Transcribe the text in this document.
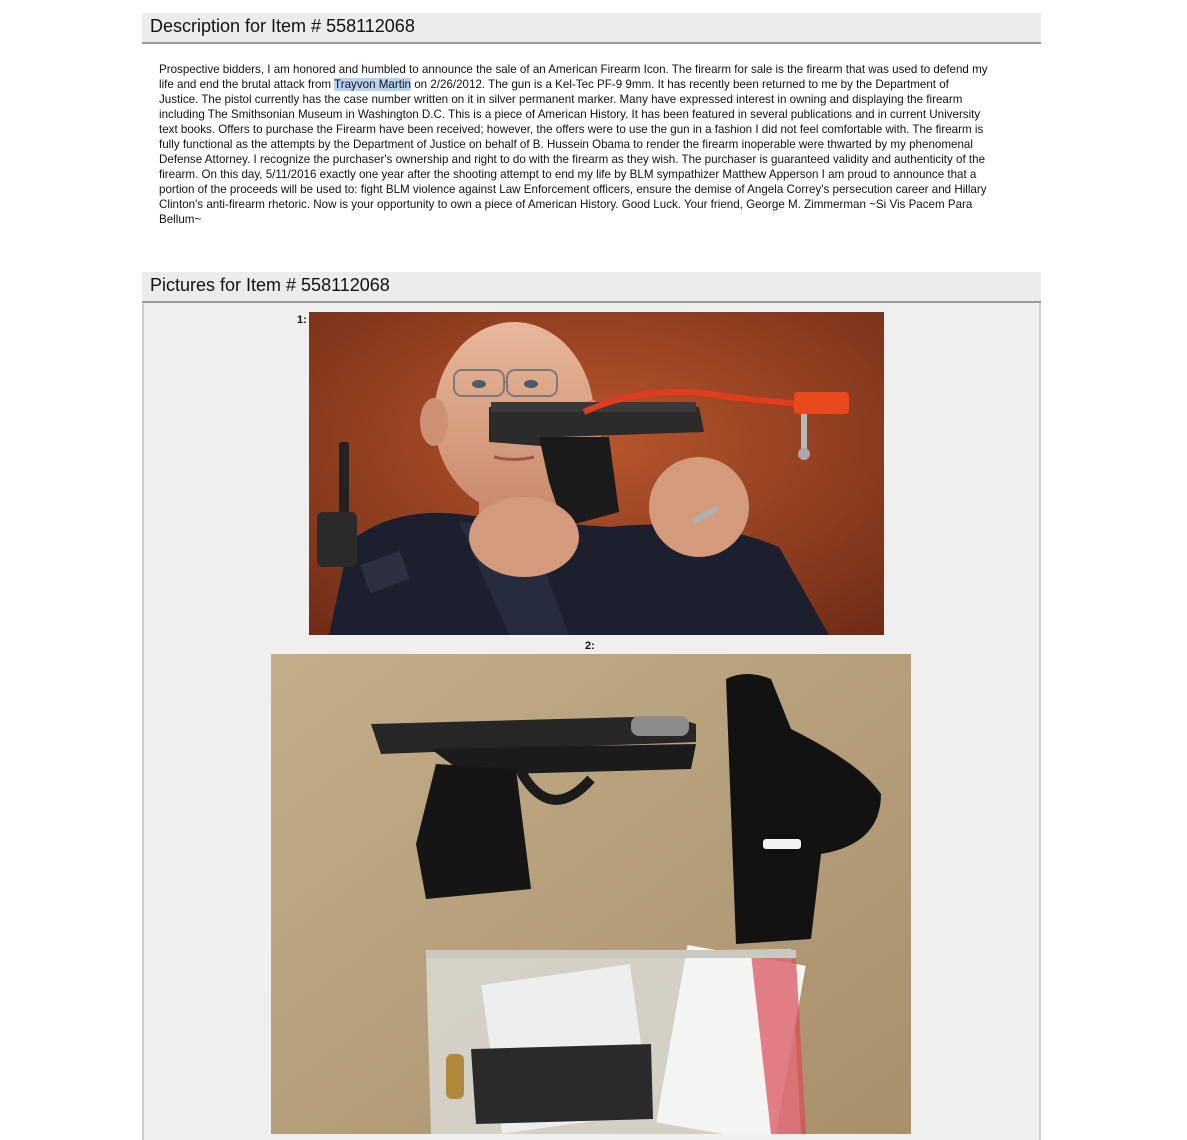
Description for Item # 558112068

Prospective bidders, I am honored and humbled to announce the sale of an American Firearm Icon. The firearm for sale is the firearm that was used to defend my life and end the brutal attack from Trayvon Martin on 2/26/2012. The gun is a Kel-Tec PF-9 9mm. It has recently been returned to me by the Department of Justice. The pistol currently has the case number written on it in silver permanent marker. Many have expressed interest in owning and displaying the firearm including The Smithsonian Museum in Washington D.C. This is a piece of American History. It has been featured in several publications and in current University text books. Offers to purchase the Firearm have been received; however, the offers were to use the gun in a fashion I did not feel comfortable with. The firearm is fully functional as the attempts by the Department of Justice on behalf of B. Hussein Obama to render the firearm inoperable were thwarted by my phenomenal Defense Attorney. I recognize the purchaser's ownership and right to do with the firearm as they wish. The purchaser is guaranteed validity and authenticity of the firearm. On this day, 5/11/2016 exactly one year after the shooting attempt to end my life by BLM sympathizer Matthew Apperson I am proud to announce that a portion of the proceeds will be used to: fight BLM violence against Law Enforcement officers, ensure the demise of Angela Correy's persecution career and Hillary Clinton's anti-firearm rhetoric. Now is your opportunity to own a piece of American History. Good Luck. Your friend, George M. Zimmerman ~Si Vis Pacem Para Bellum~

Pictures for Item # 558112068
1:
2:
